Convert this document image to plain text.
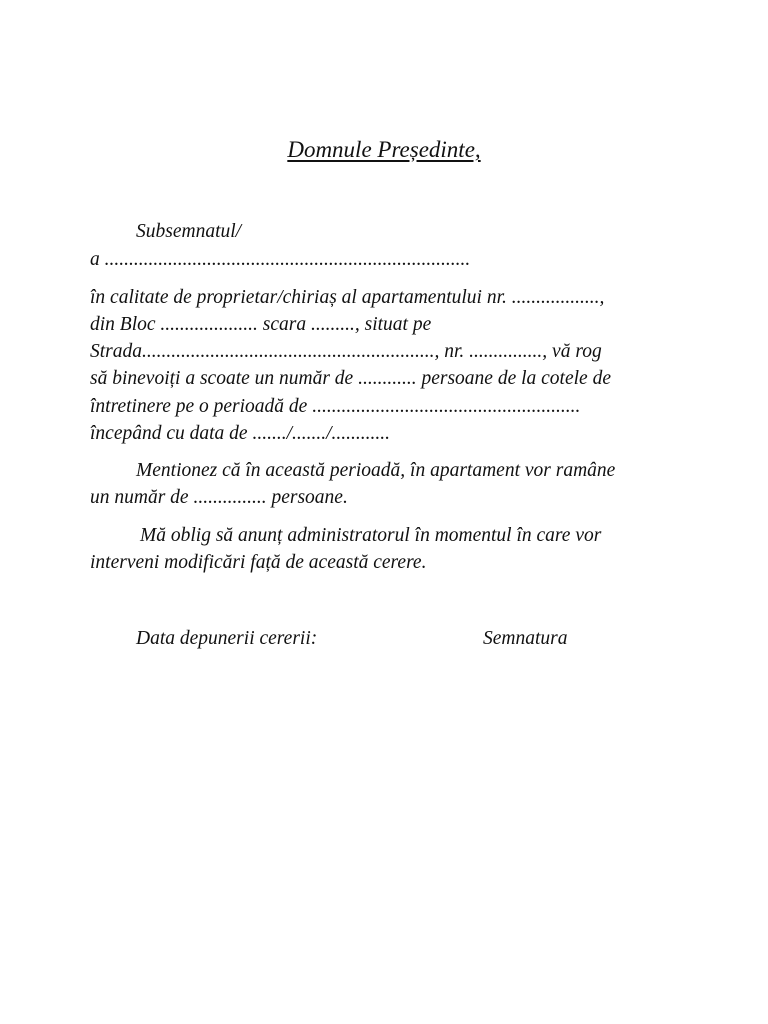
Domnule Președinte,
Subsemnatul/
a ...........................................................................
în calitate de proprietar/chiriaș al apartamentului nr. ..................,
din Bloc .................... scara ........., situat pe
Strada............................................................, nr. ..............., vă rog
să binevoiți a scoate un număr de ............ persoane de la cotele de
întretinere pe o perioadă de .......................................................
începând cu data de ......./......./............
Mentionez că în această perioadă, în apartament vor ramâne
un număr de ............... persoane.
Mă oblig să anunț administratorul în momentul în care vor
interveni modificări față de această cerere.
Data depunerii cererii:	Semnatura
